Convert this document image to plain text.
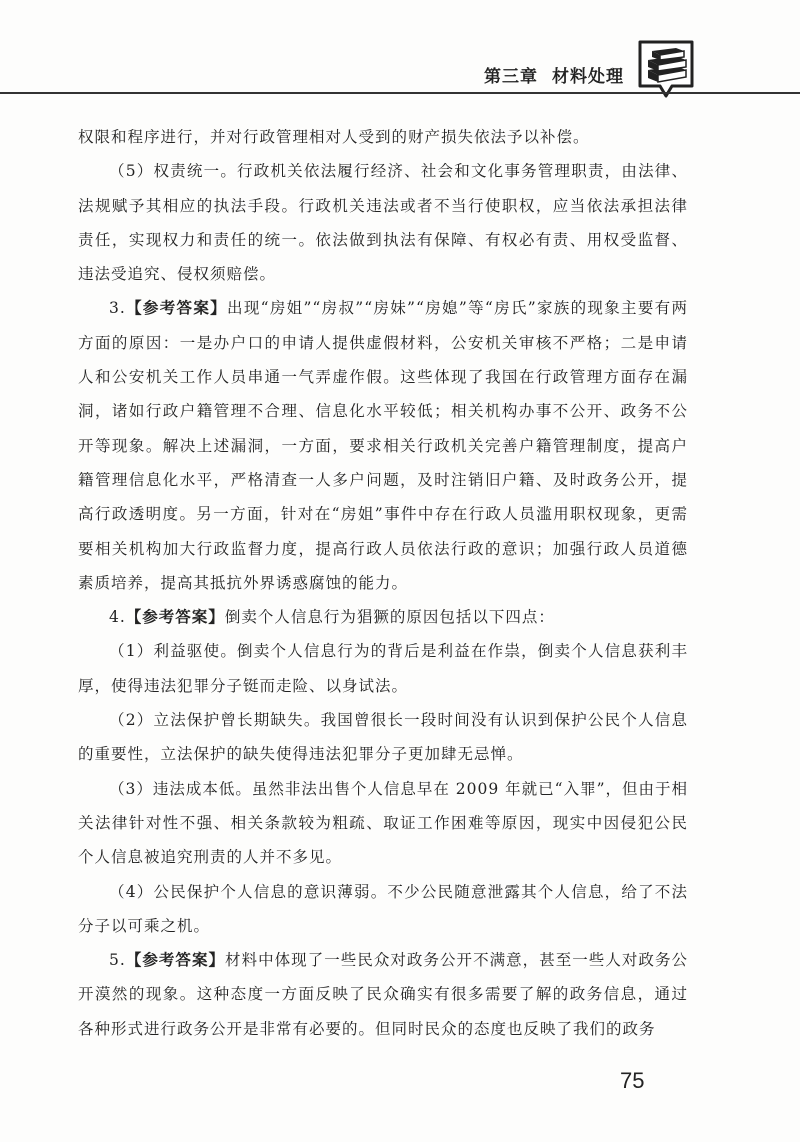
第三章 材料处理

权限和程序进行，并对行政管理相对人受到的财产损失依法予以补偿。

（5）权责统一。行政机关依法履行经济、社会和文化事务管理职责，由法律、法规赋予其相应的执法手段。行政机关违法或者不当行使职权，应当依法承担法律责任，实现权力和责任的统一。依法做到执法有保障、有权必有责、用权受监督、违法受追究、侵权须赔偿。

3.【参考答案】出现“房姐”“房叔”“房妹”“房媳”等“房氏”家族的现象主要有两方面的原因：一是办户口的申请人提供虚假材料，公安机关审核不严格；二是申请人和公安机关工作人员串通一气弄虚作假。这些体现了我国在行政管理方面存在漏洞，诸如行政户籍管理不合理、信息化水平较低；相关机构办事不公开、政务不公开等现象。解决上述漏洞，一方面，要求相关行政机关完善户籍管理制度，提高户籍管理信息化水平，严格清查一人多户问题，及时注销旧户籍、及时政务公开，提高行政透明度。另一方面，针对在“房姐”事件中存在行政人员滥用职权现象，更需要相关机构加大行政监督力度，提高行政人员依法行政的意识；加强行政人员道德素质培养，提高其抵抗外界诱惑腐蚀的能力。

4.【参考答案】倒卖个人信息行为猖獗的原因包括以下四点：

（1）利益驱使。倒卖个人信息行为的背后是利益在作祟，倒卖个人信息获利丰厚，使得违法犯罪分子铤而走险、以身试法。

（2）立法保护曾长期缺失。我国曾很长一段时间没有认识到保护公民个人信息的重要性，立法保护的缺失使得违法犯罪分子更加肆无忌惮。

（3）违法成本低。虽然非法出售个人信息早在 2009 年就已“入罪”，但由于相关法律针对性不强、相关条款较为粗疏、取证工作困难等原因，现实中因侵犯公民个人信息被追究刑责的人并不多见。

（4）公民保护个人信息的意识薄弱。不少公民随意泄露其个人信息，给了不法分子以可乘之机。

5.【参考答案】材料中体现了一些民众对政务公开不满意，甚至一些人对政务公开漠然的现象。这种态度一方面反映了民众确实有很多需要了解的政务信息，通过各种形式进行政务公开是非常有必要的。但同时民众的态度也反映了我们的政务

75
